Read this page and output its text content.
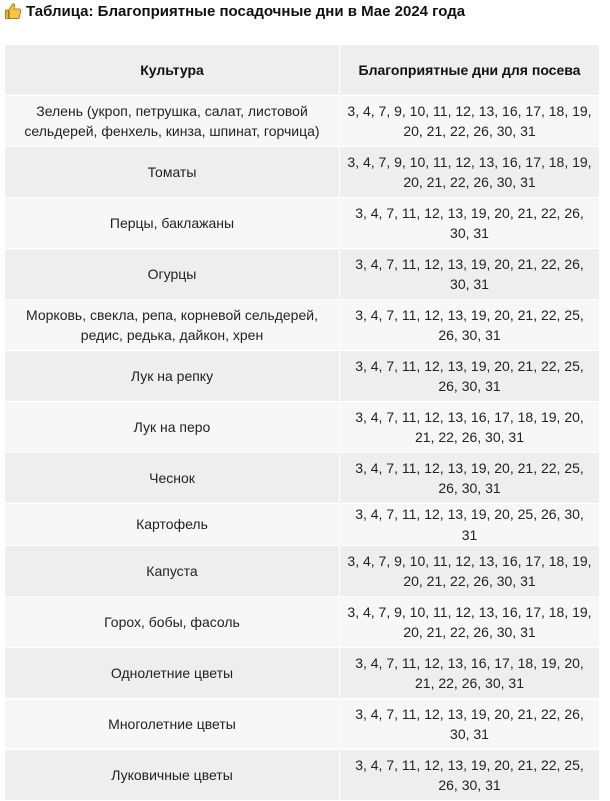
Таблица: Благоприятные посадочные дни в Мае 2024 года
Культура	Благоприятные дни для посева
Зелень (укроп, петрушка, салат, листовой сельдерей, фенхель, кинза, шпинат, горчица)	3, 4, 7, 9, 10, 11, 12, 13, 16, 17, 18, 19, 20, 21, 22, 26, 30, 31
Томаты	3, 4, 7, 9, 10, 11, 12, 13, 16, 17, 18, 19, 20, 21, 22, 26, 30, 31
Перцы, баклажаны	3, 4, 7, 11, 12, 13, 19, 20, 21, 22, 26, 30, 31
Огурцы	3, 4, 7, 11, 12, 13, 19, 20, 21, 22, 26, 30, 31
Морковь, свекла, репа, корневой сельдерей, редис, редька, дайкон, хрен	3, 4, 7, 11, 12, 13, 19, 20, 21, 22, 25, 26, 30, 31
Лук на репку	3, 4, 7, 11, 12, 13, 19, 20, 21, 22, 25, 26, 30, 31
Лук на перо	3, 4, 7, 11, 12, 13, 16, 17, 18, 19, 20, 21, 22, 26, 30, 31
Чеснок	3, 4, 7, 11, 12, 13, 19, 20, 21, 22, 25, 26, 30, 31
Картофель	3, 4, 7, 11, 12, 13, 19, 20, 25, 26, 30, 31
Капуста	3, 4, 7, 9, 10, 11, 12, 13, 16, 17, 18, 19, 20, 21, 22, 26, 30, 31
Горох, бобы, фасоль	3, 4, 7, 9, 10, 11, 12, 13, 16, 17, 18, 19, 20, 21, 22, 26, 30, 31
Однолетние цветы	3, 4, 7, 11, 12, 13, 16, 17, 18, 19, 20, 21, 22, 26, 30, 31
Многолетние цветы	3, 4, 7, 11, 12, 13, 19, 20, 21, 22, 26, 30, 31
Луковичные цветы	3, 4, 7, 11, 12, 13, 19, 20, 21, 22, 25, 26, 30, 31
